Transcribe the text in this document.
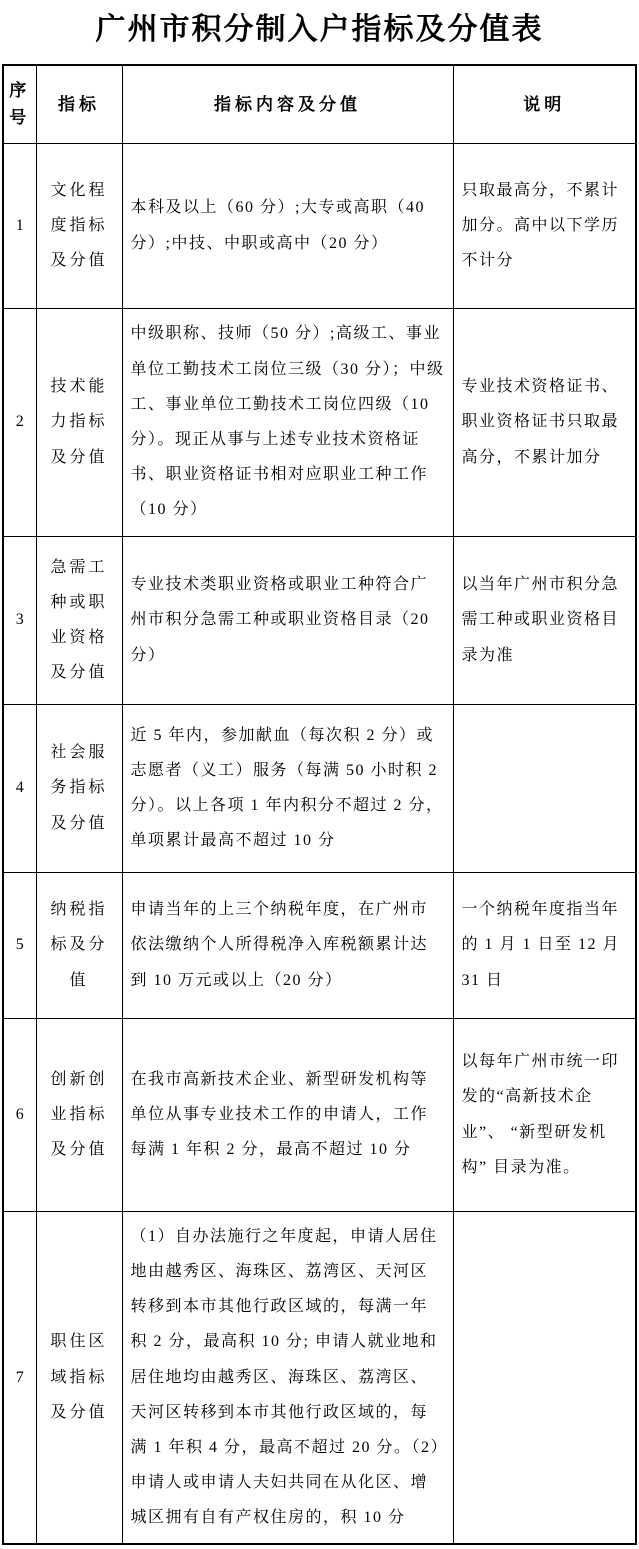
广州市积分制入户指标及分值表
序号	指标	指标内容及分值	说明
1	文化程度指标及分值	本科及以上（60 分）;大专或高职（40 分）;中技、中职或高中（20 分）	只取最高分，不累计加分。高中以下学历不计分
2	技术能力指标及分值	中级职称、技师（50 分）;高级工、事业单位工勤技术工岗位三级（30 分）；中级工、事业单位工勤技术工岗位四级（10 分）。现正从事与上述专业技术资格证书、职业资格证书相对应职业工种工作（10 分）	专业技术资格证书、职业资格证书只取最高分，不累计加分
3	急需工种或职业资格及分值	专业技术类职业资格或职业工种符合广州市积分急需工种或职业资格目录（20 分）	以当年广州市积分急需工种或职业资格目录为准
4	社会服务指标及分值	近 5 年内，参加献血（每次积 2 分）或志愿者（义工）服务（每满 50 小时积 2 分）。以上各项 1 年内积分不超过 2 分，单项累计最高不超过 10 分	
5	纳税指标及分值	申请当年的上三个纳税年度，在广州市依法缴纳个人所得税净入库税额累计达到 10 万元或以上（20 分）	一个纳税年度指当年的 1 月 1 日至 12 月 31 日
6	创新创业指标及分值	在我市高新技术企业、新型研发机构等单位从事专业技术工作的申请人，工作每满 1 年积 2 分，最高不超过 10 分	以每年广州市统一印发的“高新技术企业”、 “新型研发机构” 目录为准。
7	职住区域指标及分值	（1）自办法施行之年度起，申请人居住地由越秀区、海珠区、荔湾区、天河区转移到本市其他行政区域的，每满一年积 2 分，最高积 10 分; 申请人就业地和居住地均由越秀区、海珠区、荔湾区、天河区转移到本市其他行政区域的，每满 1 年积 4 分，最高不超过 20 分。（2）申请人或申请人夫妇共同在从化区、增城区拥有自有产权住房的，积 10 分	
